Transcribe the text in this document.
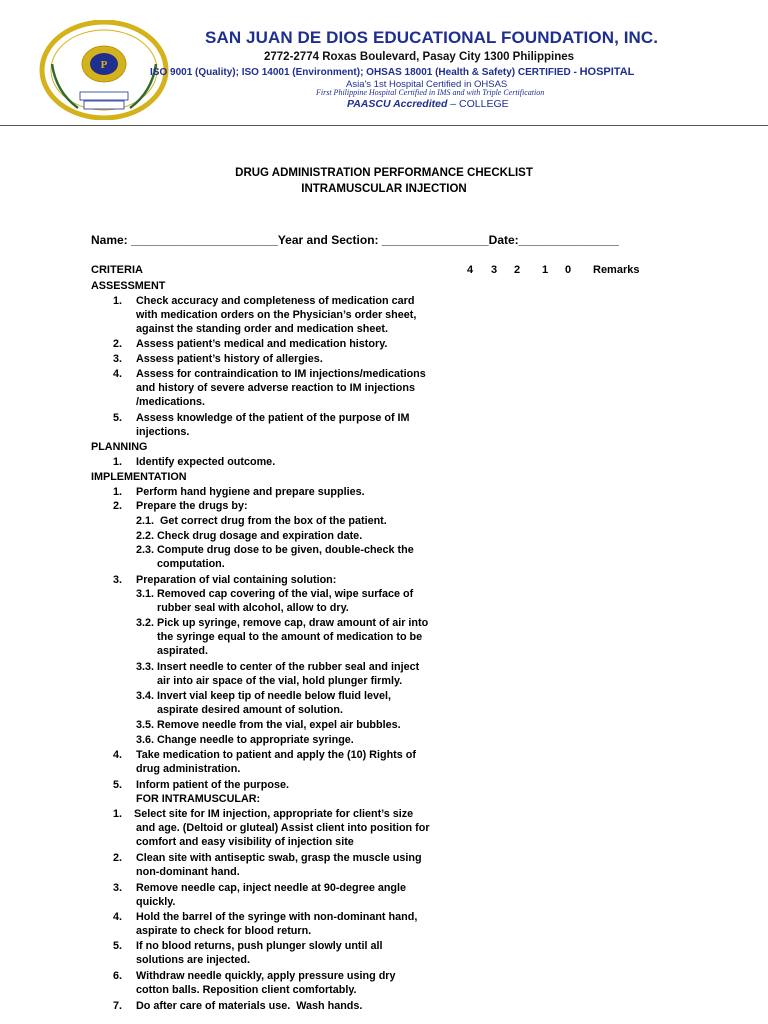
P
SAN JUAN DE DIOS EDUCATIONAL FOUNDATION, INC.
2772-2774 Roxas Boulevard, Pasay City 1300 Philippines
ISO 9001 (Quality); ISO 14001 (Environment); OHSAS 18001 (Health & Safety) CERTIFIED - HOSPITAL
Asia's 1st Hospital Certified in OHSAS
First Philippine Hospital Certified in IMS and with Triple Certification
PAASCU Accredited – COLLEGE
DRUG ADMINISTRATION PERFORMANCE CHECKLIST
INTRAMUSCULAR INJECTION
Name: ______________________Year and Section: ________________Date:_______________
CRITERIA	4 3 2 1 0 Remarks
ASSESSMENT
1. Check accuracy and completeness of medication card
with medication orders on the Physician’s order sheet,
against the standing order and medication sheet.
2. Assess patient’s medical and medication history.
3. Assess patient’s history of allergies.
4. Assess for contraindication to IM injections/medications
and history of severe adverse reaction to IM injections
/medications.
5. Assess knowledge of the patient of the purpose of IM
injections.
PLANNING
1. Identify expected outcome.
IMPLEMENTATION
1. Perform hand hygiene and prepare supplies.
2. Prepare the drugs by:
2.1.  Get correct drug from the box of the patient.
2.2. Check drug dosage and expiration date.
2.3. Compute drug dose to be given, double-check the
computation.
3. Preparation of vial containing solution:
3.1. Removed cap covering of the vial, wipe surface of
rubber seal with alcohol, allow to dry.
3.2. Pick up syringe, remove cap, draw amount of air into
the syringe equal to the amount of medication to be
aspirated.
3.3. Insert needle to center of the rubber seal and inject
air into air space of the vial, hold plunger firmly.
3.4. Invert vial keep tip of needle below fluid level,
aspirate desired amount of solution.
3.5. Remove needle from the vial, expel air bubbles.
3.6. Change needle to appropriate syringe.
4. Take medication to patient and apply the (10) Rights of
drug administration.
5. Inform patient of the purpose.
FOR INTRAMUSCULAR:
1. Select site for IM injection, appropriate for client’s size
and age. (Deltoid or gluteal) Assist client into position for
comfort and easy visibility of injection site
2. Clean site with antiseptic swab, grasp the muscle using
non-dominant hand.
3. Remove needle cap, inject needle at 90-degree angle
quickly.
4. Hold the barrel of the syringe with non-dominant hand,
aspirate to check for blood return.
5. If no blood returns, push plunger slowly until all
solutions are injected.
6. Withdraw needle quickly, apply pressure using dry
cotton balls. Reposition client comfortably.
7. Do after care of materials use.  Wash hands.
